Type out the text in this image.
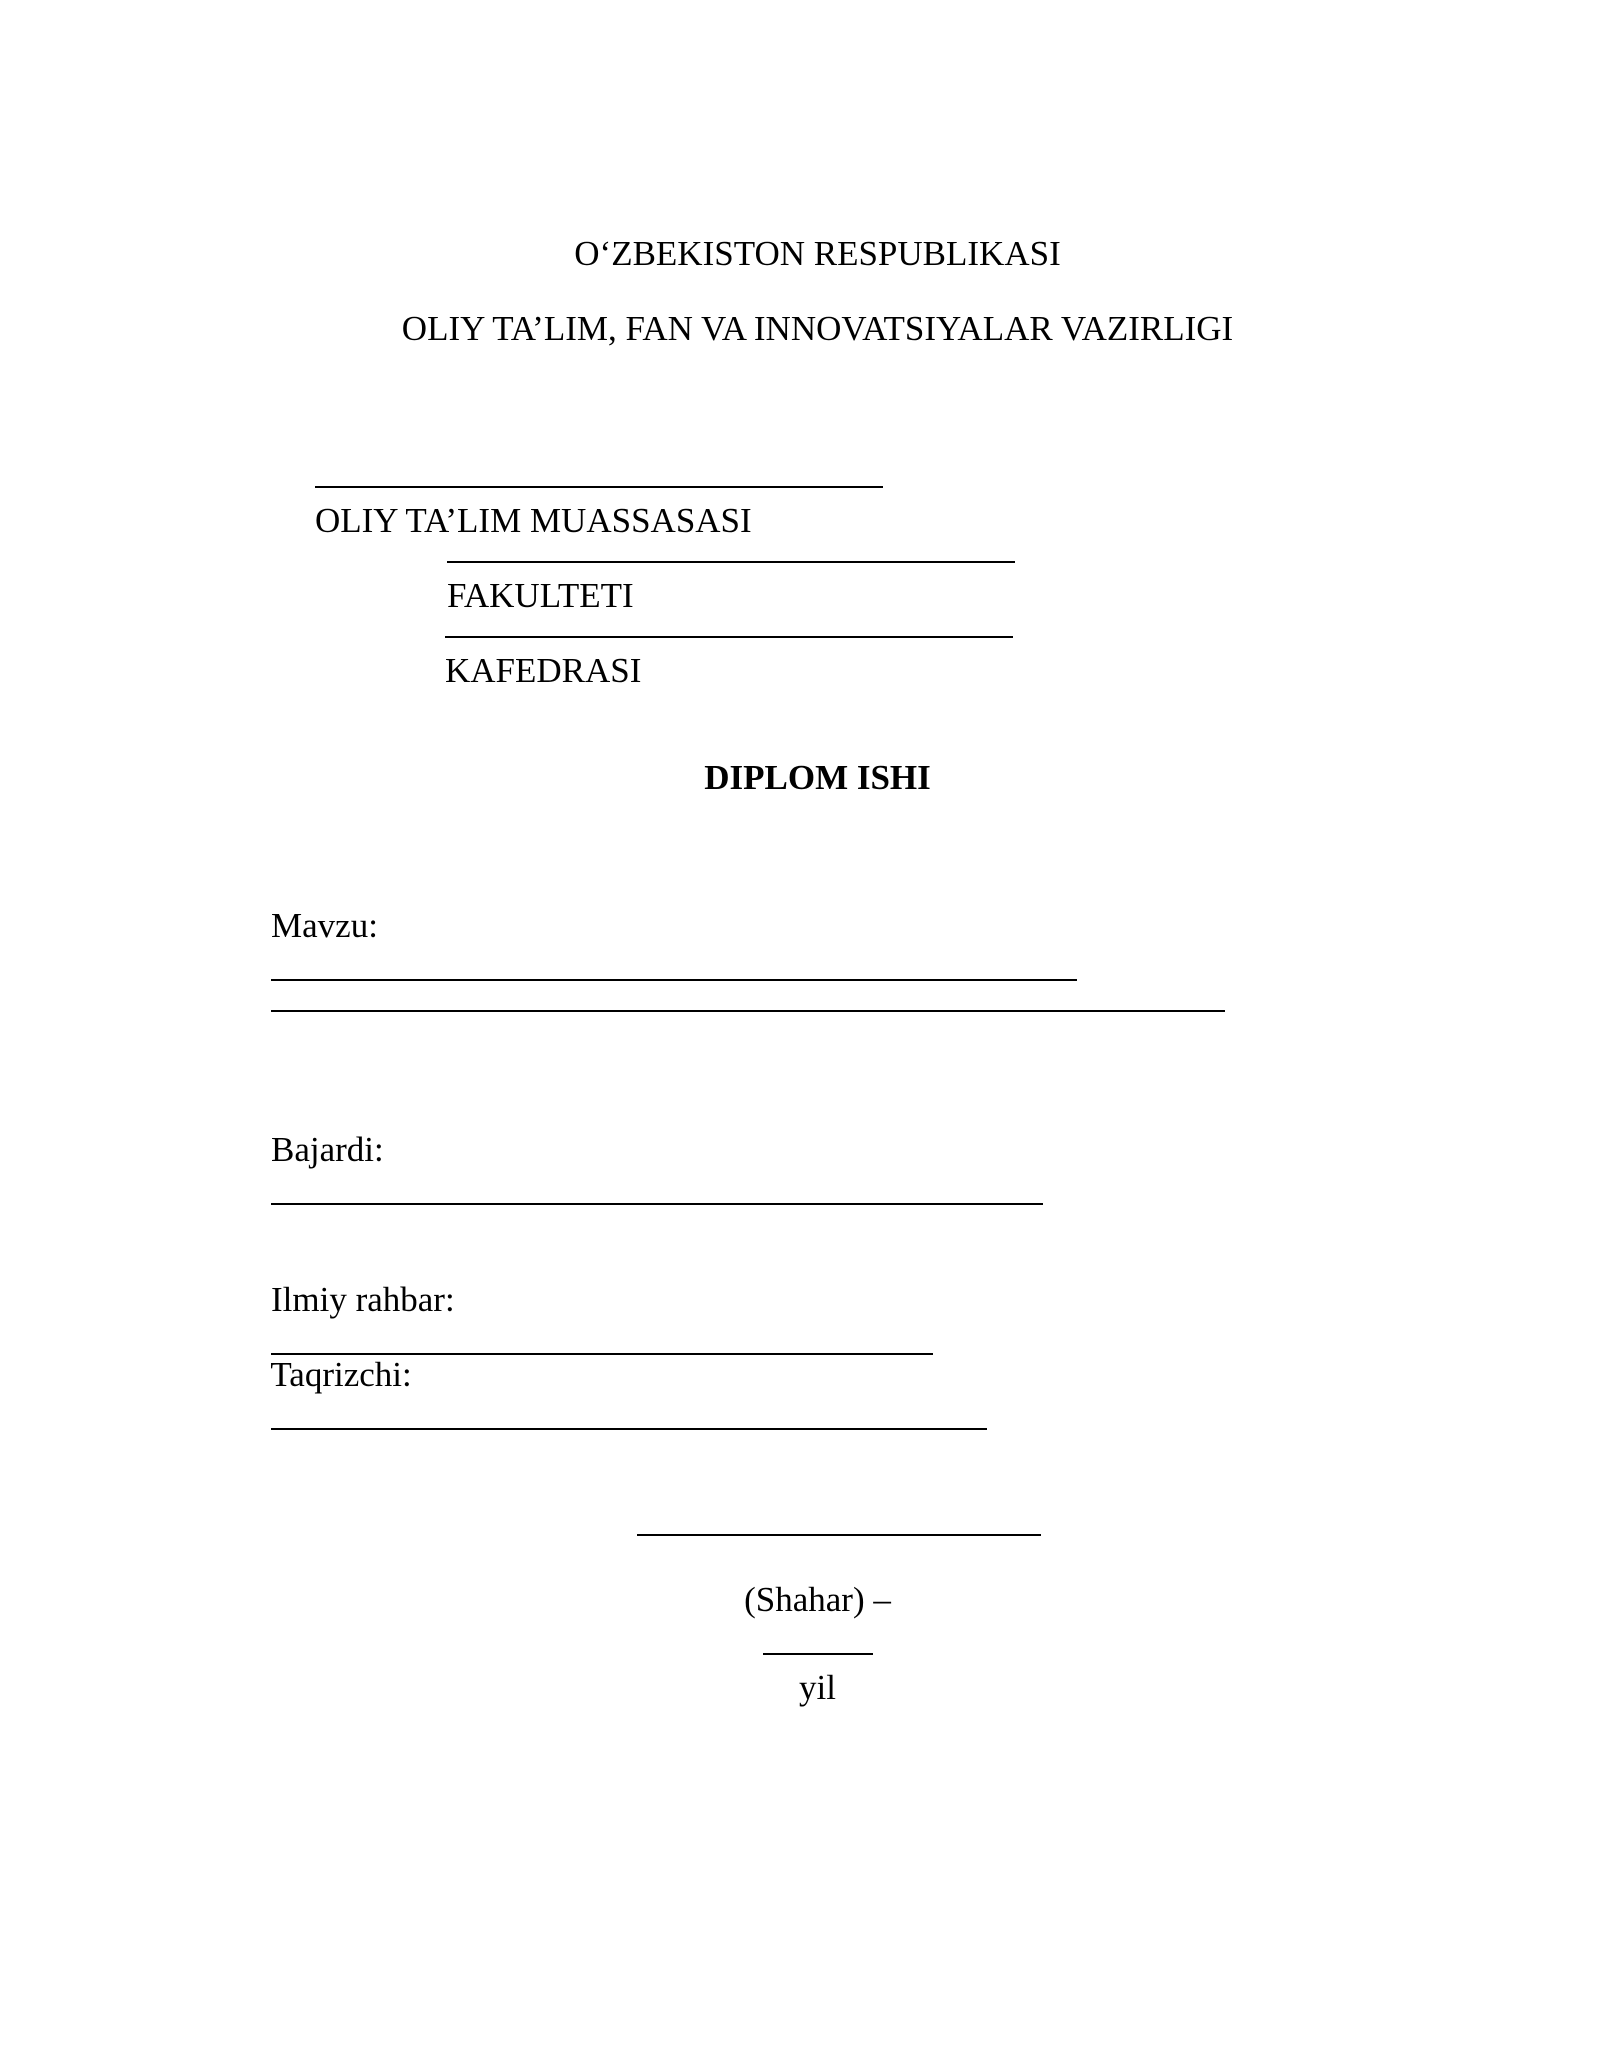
O‘ZBEKISTON RESPUBLIKASI

OLIY TA’LIM, FAN VA INNOVATSIYALAR VAZIRLIGI

OLIY TA’LIM MUASSASASI

FAKULTETI

KAFEDRASI

DIPLOM ISHI

Mavzu:

Bajardi:

Ilmiy rahbar:

Taqrizchi:

(Shahar) –

yil
